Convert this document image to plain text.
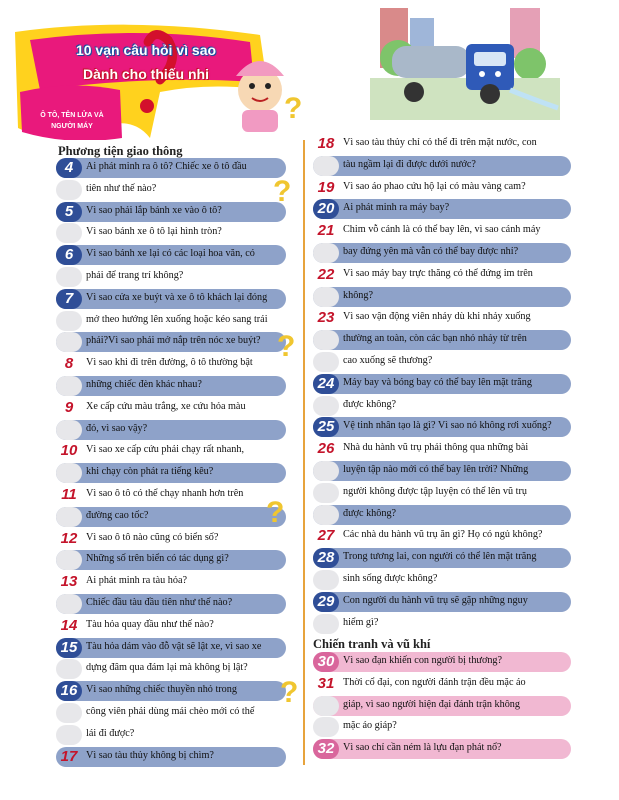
10 vạn câu hỏi vì sao
Dành cho thiếu nhi
Ô TÔ, TÊN LỬA VÀ
NGƯỜI MÁY
Phương tiện giao thông
4	Ai phát minh ra ô tô? Chiếc xe ô tô đầu
tiên như thế nào?
5	Vì sao phải lắp bánh xe vào ô tô?
Vì sao bánh xe ô tô lại hình tròn?
6	Vì sao bánh xe lại có các loại hoa văn, có
phải để trang trí không?
7	Vì sao cửa xe buýt và xe ô tô khách lại đóng
mở theo hướng lên xuống hoặc kéo sang trái
phải?Vì sao phải mở nắp trên nóc xe buýt?
8	Vì sao khi đi trên đường, ô tô thường bật
những chiếc đèn khác nhau?
9	Xe cấp cứu màu trắng, xe cứu hỏa màu
đỏ, vì sao vậy?
10 Vì sao xe cấp cứu phải chạy rất nhanh,
khi chạy còn phát ra tiếng kêu?
11 Vì sao ô tô có thể chạy nhanh hơn trên
đường cao tốc?
12 Vì sao ô tô nào cũng có biển số?
Những số trên biển có tác dụng gì?
13 Ai phát minh ra tàu hỏa?
Chiếc đầu tàu đầu tiên như thế nào?
14 Tàu hỏa quay đầu như thế nào?
15 Tàu hỏa dám vào đỗ vật sẽ lật xe, vì sao xe
dựng đâm qua đám lại mà không bị lật?
16 Vì sao những chiếc thuyền nhỏ trong
công viên phải dùng mái chèo mới có thể
lái đi được?
17 Vì sao tàu thủy không bị chìm?
18 Vì sao tàu thủy chỉ có thể đi trên mặt nước, con
tàu ngầm lại đi được dưới nước?
19 Vì sao áo phao cứu hộ lại có màu vàng cam?
20 Ai phát minh ra máy bay?
21 Chim vỗ cánh là có thể bay lên, vì sao cánh máy
bay đứng yên mà vẫn có thể bay được nhỉ?
22 Vì sao máy bay trực thăng có thể đứng im trên
không?
23 Vì sao vận động viên nhảy dù khi nhảy xuống
thường an toàn, còn các bạn nhỏ nhảy từ trên
cao xuống sẽ thương?
24 Máy bay và bóng bay có thể bay lên mặt trăng
được không?
25 Vệ tinh nhân tạo là gì? Vì sao nó không rơi xuống?
26 Nhà du hành vũ trụ phải thông qua những bài
luyện tập nào mới có thể bay lên trời? Những
người không được tập luyện có thể lên vũ trụ
được không?
27 Các nhà du hành vũ trụ ăn gì? Họ có ngủ không?
28 Trong tương lai, con người có thể lên mặt trăng
sinh sống được không?
29 Con người du hành vũ trụ sẽ gặp những nguy
hiểm gì?
30 Vì sao đạn khiến con người bị thương?
31 Thời cổ đại, con người đánh trận đều mặc áo
giáp, vì sao người hiện đại đánh trận không
mặc áo giáp?
32 Vì sao chỉ cần ném là lựu đạn phát nổ?
Chiến tranh và vũ khí
?
?
?
?
?
